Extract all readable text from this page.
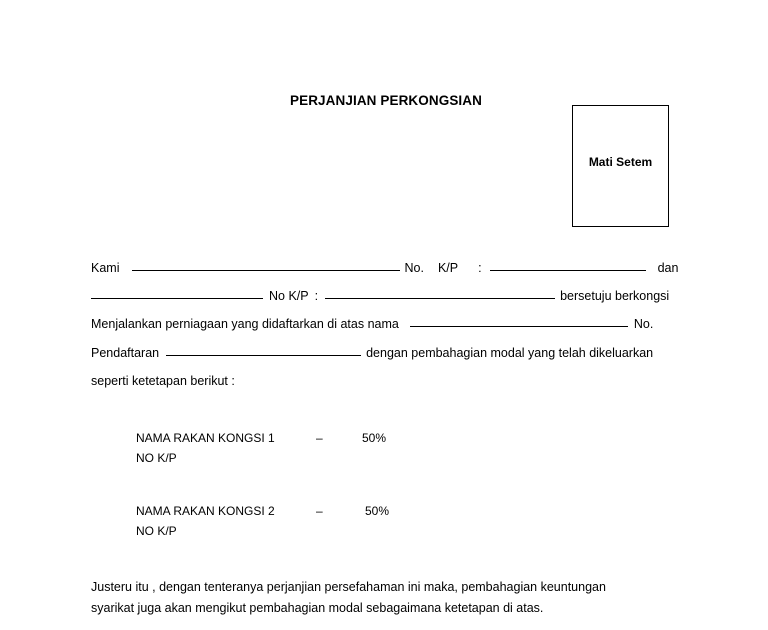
PERJANJIAN PERKONGSIAN
Mati Setem
Kami	No. K/P :	dan
No K/P :	bersetuju berkongsi
Menjalankan perniagaan yang didaftarkan di atas nama	No.
Pendaftaran	dengan pembahagian modal yang telah dikeluarkan
seperti ketetapan berikut :
NAMA RAKAN KONGSI 1	–	50%
NO K/P
NAMA RAKAN KONGSI 2	–	50%
NO K/P
Justeru itu , dengan tenteranya perjanjian persefahaman ini maka, pembahagian keuntungan
syarikat juga akan mengikut pembahagian modal sebagaimana ketetapan di atas.
